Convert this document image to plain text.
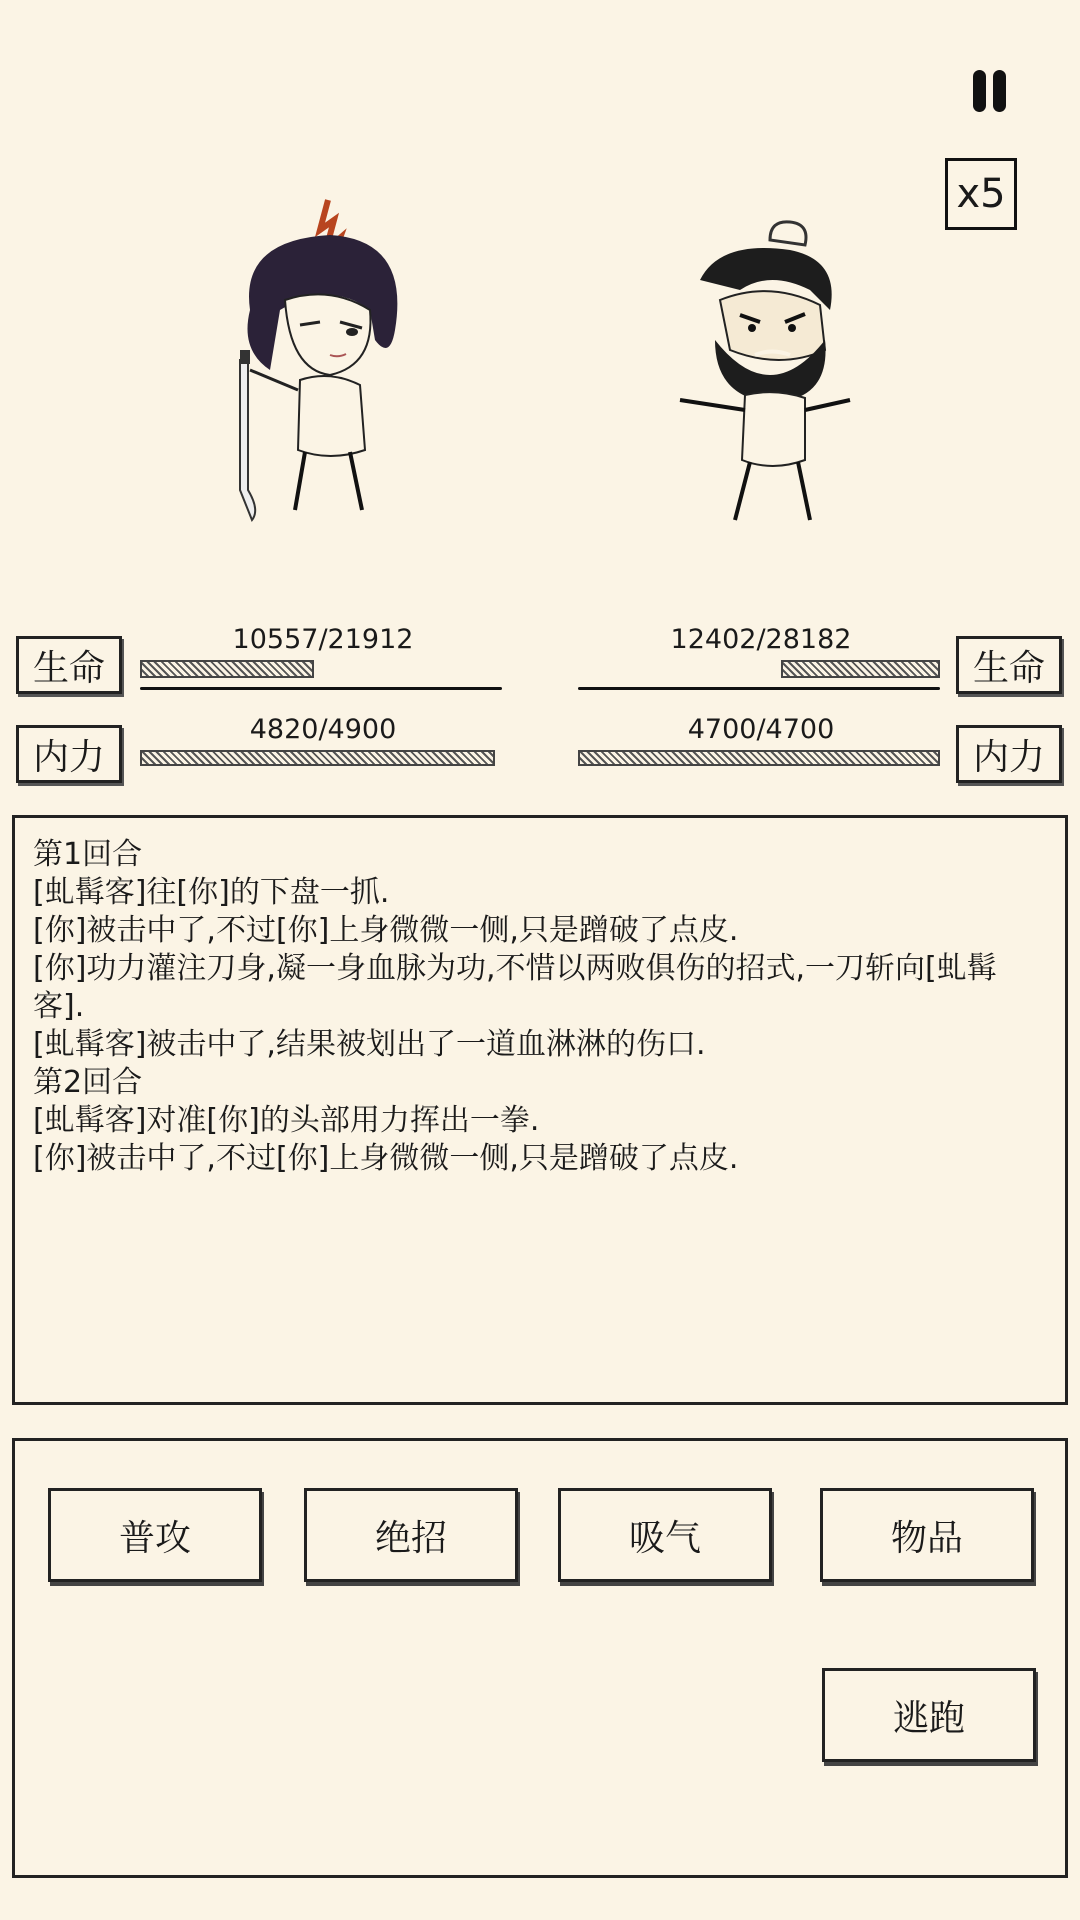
x5
生命
10557/21912
内力
4820/4900
生命
12402/28182
内力
4700/4700
第1回合
[虬髯客]往[你]的下盘一抓.
[你]被击中了,不过[你]上身微微一侧,只是蹭破了点皮.
[你]功力灌注刀身,凝一身血脉为功,不惜以两败俱伤的招式,一刀斩向[虬髯客].
[虬髯客]被击中了,结果被划出了一道血淋淋的伤口.
第2回合
[虬髯客]对准[你]的头部用力挥出一拳.
[你]被击中了,不过[你]上身微微一侧,只是蹭破了点皮.
普攻	绝招	吸气	物品
逃跑
